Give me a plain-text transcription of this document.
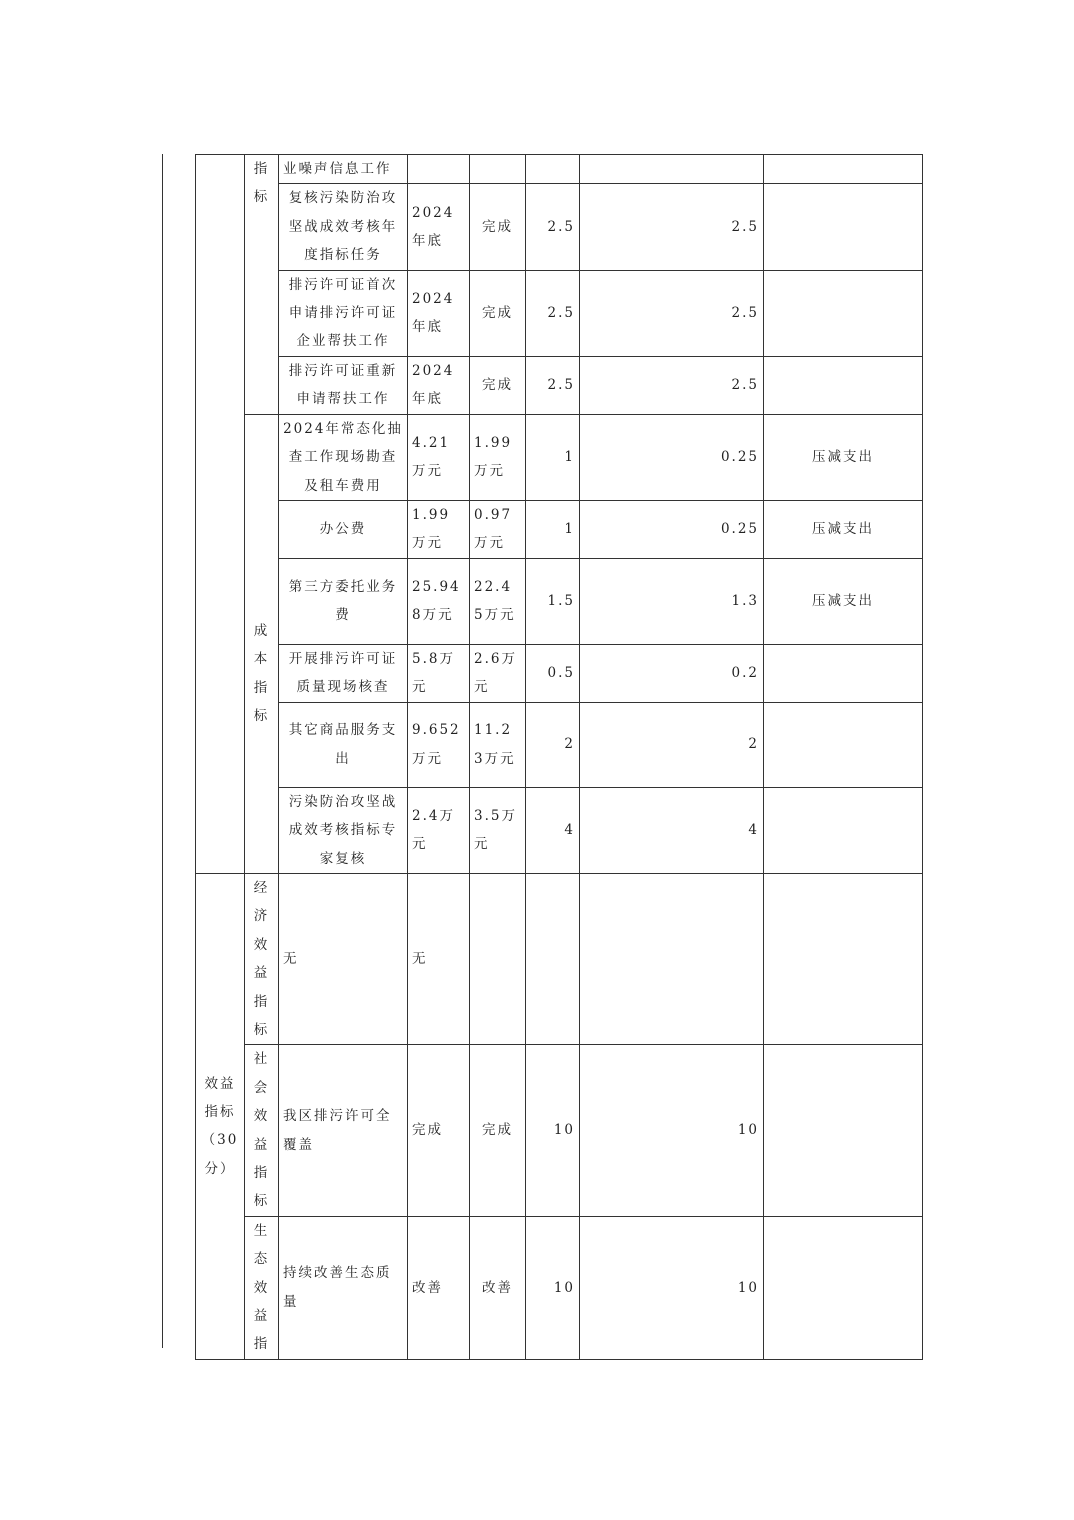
	指标	业噪声信息工作					
		复核污染防治攻坚战成效考核年度指标任务	2024年底	完成	2.5	2.5	
		排污许可证首次申请排污许可证企业帮扶工作	2024年底	完成	2.5	2.5	
		排污许可证重新申请帮扶工作	2024年底	完成	2.5	2.5	
	成本指标	2024年常态化抽查工作现场勘查及租车费用	4.21万元	1.99万元	1	0.25	压减支出
		办公费	1.99万元	0.97万元	1	0.25	压减支出
		第三方委托业务费	25.948万元	22.45万元	1.5	1.3	压减支出
		开展排污许可证质量现场核查	5.8万元	2.6万元	0.5	0.2	
		其它商品服务支出	9.652万元	11.23万元	2	2	
		污染防治攻坚战成效考核指标专家复核	2.4万元	3.5万元	4	4	
效益指标（30分）	经济效益指标	无	无				
	社会效益指标	我区排污许可全覆盖	完成	完成	10	10	
	生态效益指	持续改善生态质量	改善	改善	10	10	
